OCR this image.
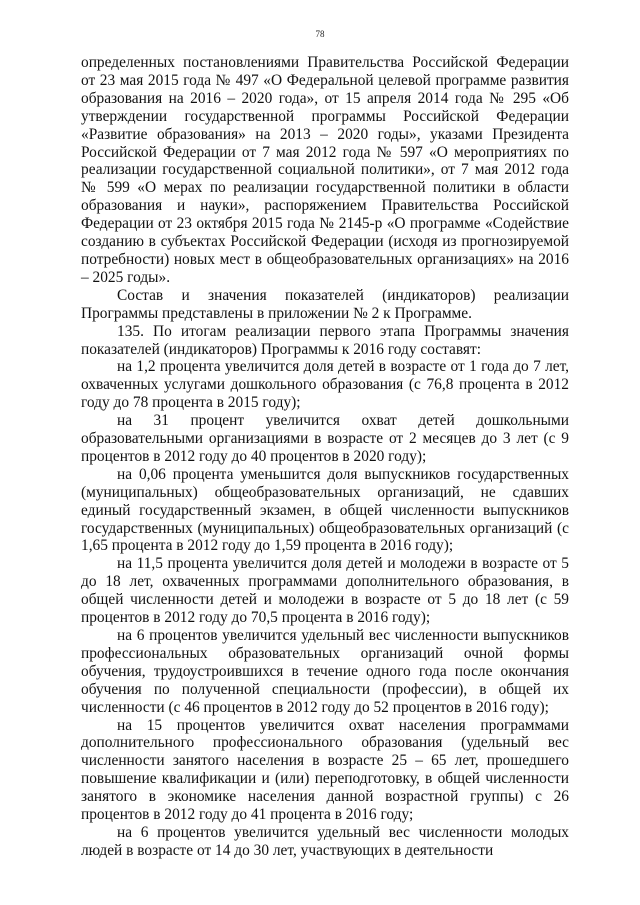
78

определенных постановлениями Правительства Российской Федерации от 23 мая 2015 года № 497 «О Федеральной целевой программе развития образования на 2016 – 2020 года», от 15 апреля 2014 года № 295 «Об утверждении государственной программы Российской Федерации «Развитие образования» на 2013 – 2020 годы», указами Президента Российской Федерации от 7 мая 2012 года № 597 «О мероприятиях по реализации государственной социальной политики», от 7 мая 2012 года № 599 «О мерах по реализации государственной политики в области образования и науки», распоряжением Правительства Российской Федерации от 23 октября 2015 года № 2145-р «О программе «Содействие созданию в субъектах Российской Федерации (исходя из прогнозируемой потребности) новых мест в общеобразовательных организациях» на 2016 – 2025 годы».

Состав и значения показателей (индикаторов) реализации Программы представлены в приложении № 2 к Программе.

135. По итогам реализации первого этапа Программы значения показателей (индикаторов) Программы к 2016 году составят:

на 1,2 процента увеличится доля детей в возрасте от 1 года до 7 лет, охваченных услугами дошкольного образования (с 76,8 процента в 2012 году до 78 процента в 2015 году);

на 31 процент увеличится охват детей дошкольными образовательными организациями в возрасте от 2 месяцев до 3 лет (с 9 процентов в 2012 году до 40 процентов в 2020 году);

на 0,06 процента уменьшится доля выпускников государственных (муниципальных) общеобразовательных организаций, не сдавших единый государственный экзамен, в общей численности выпускников государственных (муниципальных) общеобразовательных организаций (с 1,65 процента в 2012 году до 1,59 процента в 2016 году);

на 11,5 процента увеличится доля детей и молодежи в возрасте от 5 до 18 лет, охваченных программами дополнительного образования, в общей численности детей и молодежи в возрасте от 5 до 18 лет (с 59 процентов в 2012 году до 70,5 процента в 2016 году);

на 6 процентов увеличится удельный вес численности выпускников профессиональных образовательных организаций очной формы обучения, трудоустроившихся в течение одного года после окончания обучения по полученной специальности (профессии), в общей их численности (с 46 процентов в 2012 году до 52 процентов в 2016 году);

на 15 процентов увеличится охват населения программами дополнительного профессионального образования (удельный вес численности занятого населения в возрасте 25 – 65 лет, прошедшего повышение квалификации и (или) переподготовку, в общей численности занятого в экономике населения данной возрастной группы) с 26 процентов в 2012 году до 41 процента в 2016 году;

на 6 процентов увеличится удельный вес численности молодых людей в возрасте от 14 до 30 лет, участвующих в деятельности
